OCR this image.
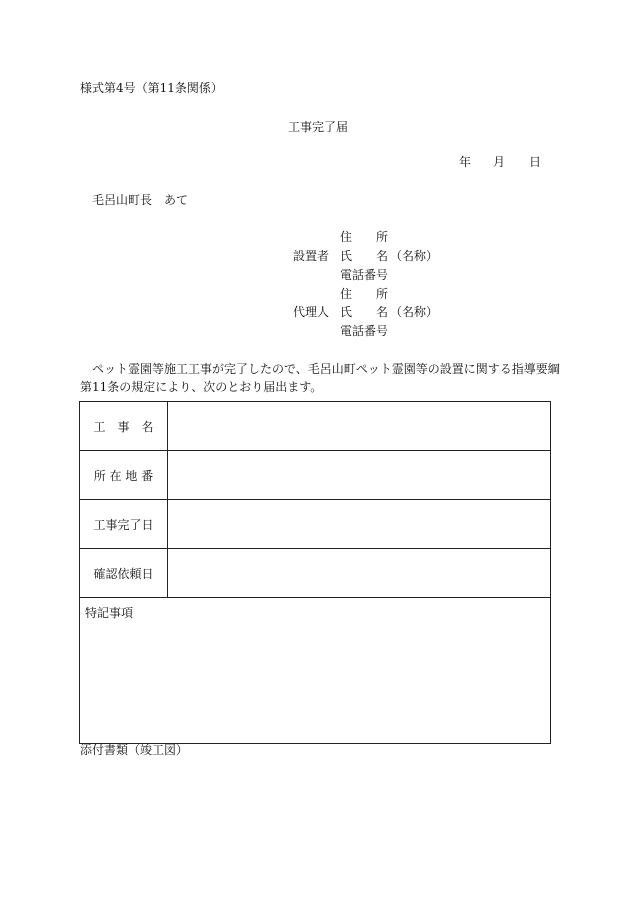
様式第4号（第11条関係）
工事完了届
年 月 日
毛呂山町長　あて
住　　所
設置者 氏　　名 （名称）
電話番号
住　　所
代理人 氏　　名 （名称）
電話番号
ペット霊園等施工工事が完了したので、毛呂山町ペット霊園等の設置に関する指導要綱
第11条の規定により、次のとおり届出ます。
工　事　名	
所 在 地 番	
工事完了日	
確認依頼日	
特記事項	
添付書類（竣工図）
